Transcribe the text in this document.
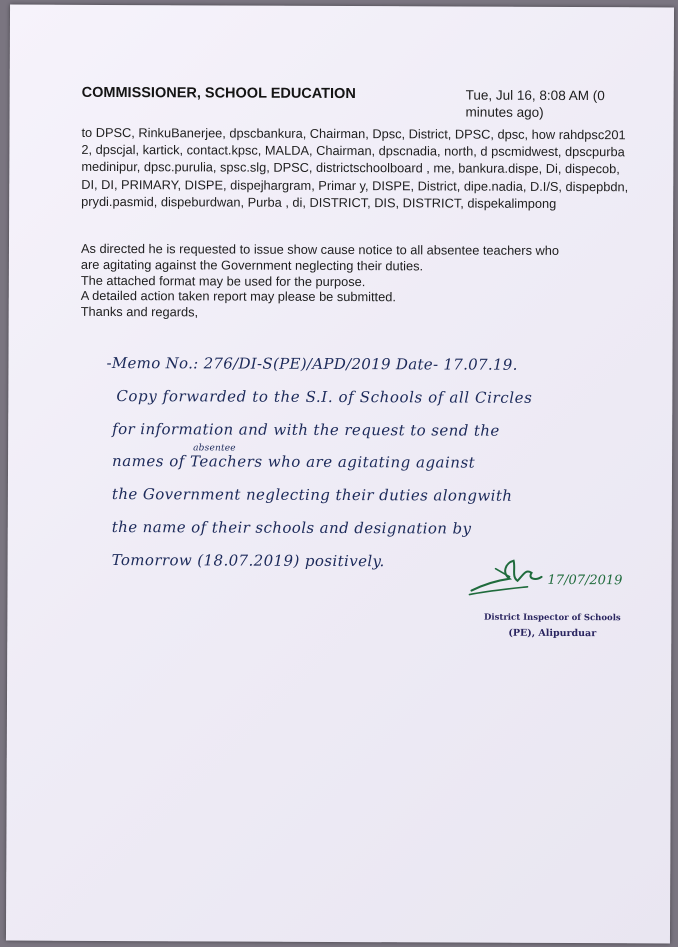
COMMISSIONER, SCHOOL EDUCATION	Tue, Jul 16, 8:08 AM (0 minutes ago)
to DPSC, RinkuBanerjee, dpscbankura, Chairman, Dpsc, District, DPSC, dpsc, how rahdpsc2012, dpscjal, kartick, contact.kpsc, MALDA, Chairman, dpscnadia, north, d pscmidwest, dpscpurbamedinipur, dpsc.purulia, spsc.slg, DPSC, districtschoolboard , me, bankura.dispe, Di, dispecob, DI, DI, PRIMARY, DISPE, dispejhargram, Primar y, DISPE, District, dipe.nadia, D.I/S, dispepbdn, prydi.pasmid, dispeburdwan, Purba , di, DISTRICT, DIS, DISTRICT, dispekalimpong
As directed he is requested to issue show cause notice to all absentee teachers who
are agitating against the Government neglecting their duties.
The attached format may be used for the purpose.
A detailed action taken report may please be submitted.
Thanks and regards,
-Memo No.: 276/DI-S(PE)/APD/2019 Date- 17.07.19.
Copy forwarded to the S.I. of Schools of all Circles
for information and with the request to send the
absentee
names of Teachers who are agitating against
the Government neglecting their duties alongwith
the name of their schools and designation by
Tomorrow (18.07.2019) positively.
17/07/2019
District Inspector of Schools
(PE), Alipurduar
